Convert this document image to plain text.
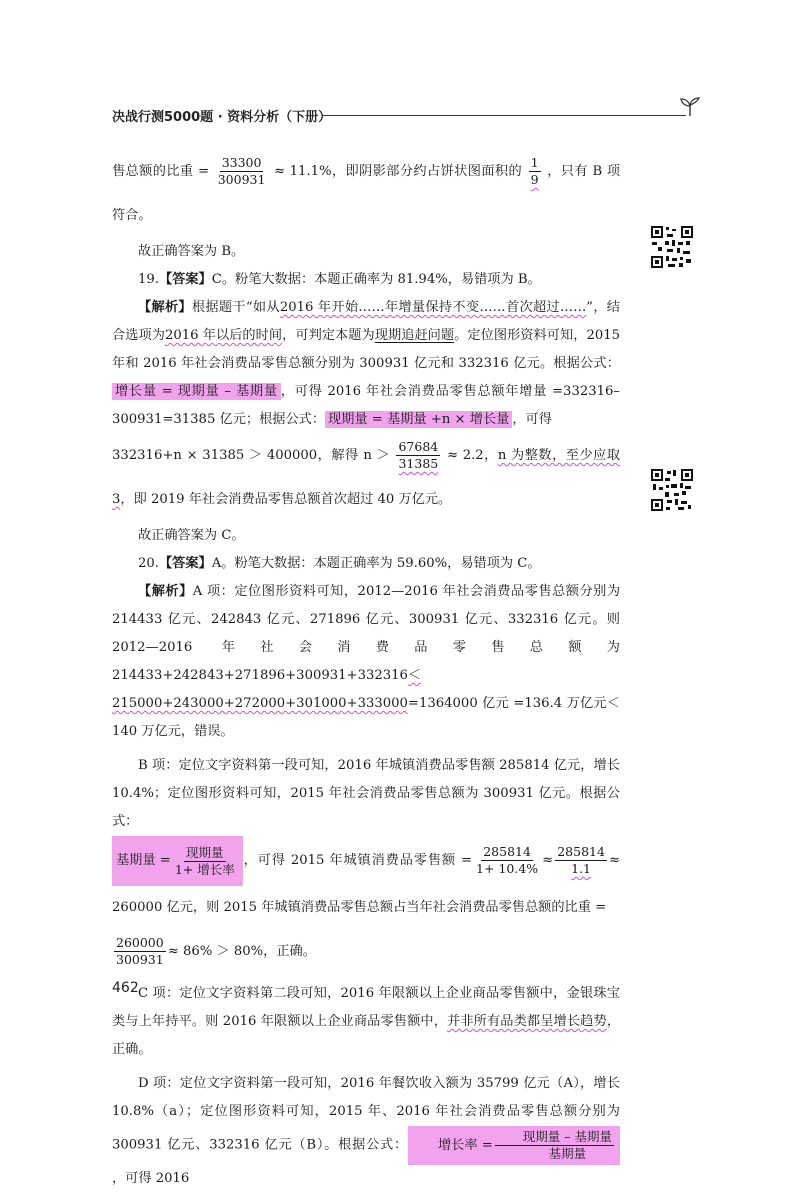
决战行测5000题 · 资料分析（下册）

售总额的比重 = $\frac{33300}{300931} \approx 11.1\%$，即阴影部分约占饼状图面积的 $\frac{1}{9}$ ，只有 B 项符合。

故正确答案为 B。

19.【答案】C。粉笔大数据：本题正确率为 81.94%，易错项为 B。

【解析】根据题干“如从2016 年开始……年增量保持不变……首次超过……”，结合选项为2016 年以后的时间，可判定本题为现期追赶问题。定位图形资料可知，2015 年和 2016 年社会消费品零售总额分别为 300931 亿元和 332316 亿元。根据公式：增长量 = 现期量 – 基期量 ，可得 2016 年社会消费品零售总额年增量 =332316–300931=31385 亿元；根据公式： 现期量 = 基期量 +n × 增长量 ，可得

332316+n × 31385 ＞ 400000，解得 $n > \frac{67684}{31385} \approx 2.2$，n 为整数，至少应取 3，即 2019 年社会消费品零售总额首次超过 40 万亿元。

故正确答案为 C。

20.【答案】A。粉笔大数据：本题正确率为 59.60%，易错项为 C。

【解析】A 项：定位图形资料可知，2012—2016 年社会消费品零售总额分别为 214433 亿元、242843 亿元、271896 亿元、300931 亿元、332316 亿元。则 2012—2016 年社会消费品零售总额为 214433+242843+271896+300931+332316＜ 215000+243000+272000+301000+333000=1364000 亿元 =136.4 万亿元＜ 140 万亿元，错误。

B 项：定位文字资料第一段可知，2016 年城镇消费品零售额 285814 亿元，增长 10.4%；定位图形资料可知，2015 年社会消费品零售总额为 300931 亿元。根据公式：

基期量 = $\frac{\text{现期量}}{\text{1+ 增长率}}$ ，可得 2015 年城镇消费品零售额 = $\frac{285814}{1+ 10.4\%} \approx \frac{285814}{1.1} \approx 260000$ 亿元，则 2015 年城镇消费品零售总额占当年社会消费品零售总额的比重 =

$\frac{260000}{300931} \approx 86\% > 80\%$，正确。

C 项：定位文字资料第二段可知，2016 年限额以上企业商品零售额中，金银珠宝类与上年持平。则 2016 年限额以上企业商品零售额中，并非所有品类都呈增长趋势，正确。

D 项：定位文字资料第一段可知，2016 年餐饮收入额为 35799 亿元（A），增长 10.8%（a）；定位图形资料可知，2015 年、2016 年社会消费品零售总额分别为 300931 亿元、332316 亿元（B）。根据公式：	增长率 = $\frac{\text{现期量 – 基期量}}{\text{基期量}}$
，可得 2016

462
